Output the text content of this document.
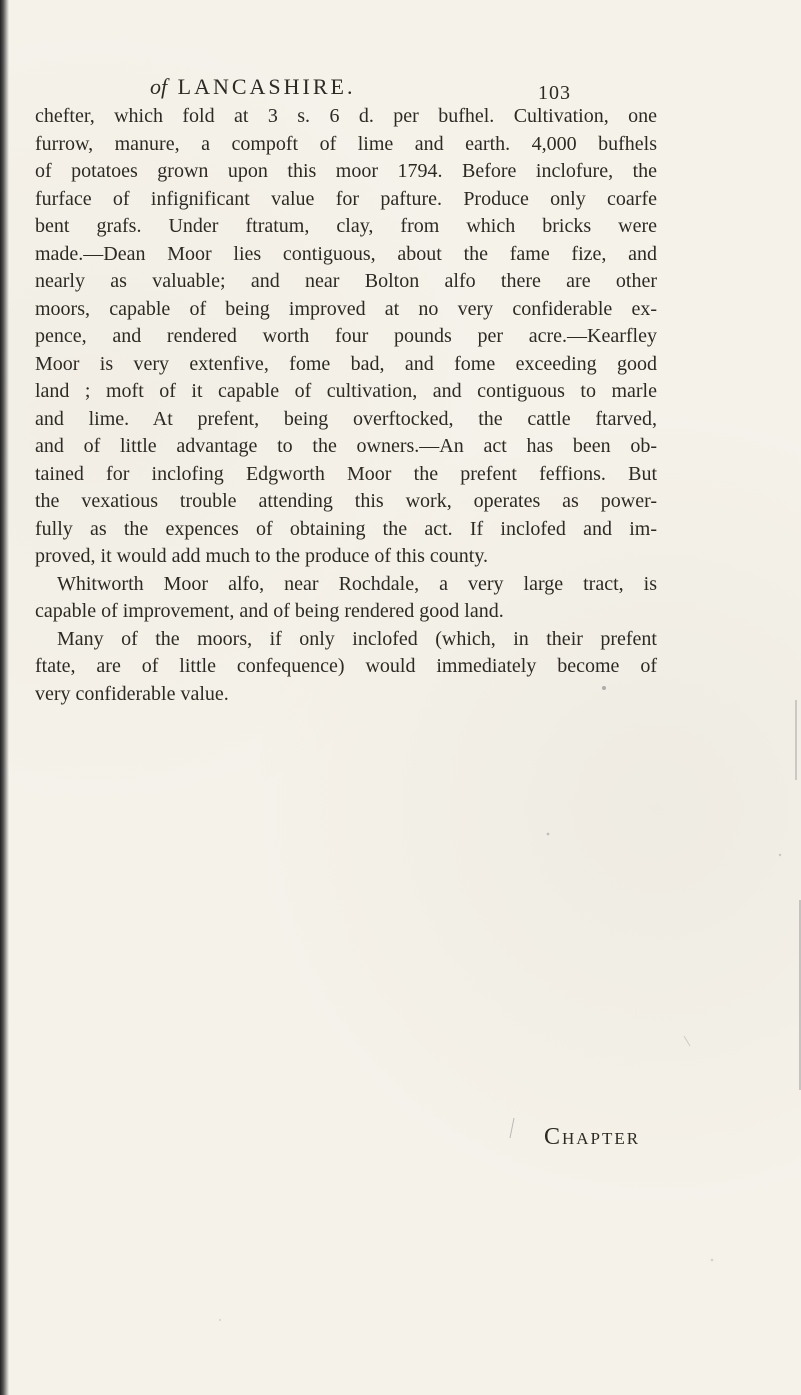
of LANCASHIRE.	103
chefter, which fold at 3 s. 6 d. per bufhel. Cultivation, one
furrow, manure, a compoft of lime and earth. 4,000 bufhels
of potatoes grown upon this moor 1794. Before inclofure, the
furface of infignificant value for pafture. Produce only coarfe
bent grafs. Under ftratum, clay, from which bricks were
made.—Dean Moor lies contiguous, about the fame fize, and
nearly as valuable; and near Bolton alfo there are other
moors, capable of being improved at no very confiderable ex-
pence, and rendered worth four pounds per acre.—Kearfley
Moor is very extenfive, fome bad, and fome exceeding good
land ; moft of it capable of cultivation, and contiguous to marle
and lime. At prefent, being overftocked, the cattle ftarved,
and of little advantage to the owners.—An act has been ob-
tained for inclofing Edgworth Moor the prefent feffions. But
the vexatious trouble attending this work, operates as power-
fully as the expences of obtaining the act. If inclofed and im-
proved, it would add much to the produce of this county.
Whitworth Moor alfo, near Rochdale, a very large tract, is
capable of improvement, and of being rendered good land.
Many of the moors, if only inclofed (which, in their prefent
ftate, are of little confequence) would immediately become of
very confiderable value.
Chapter
